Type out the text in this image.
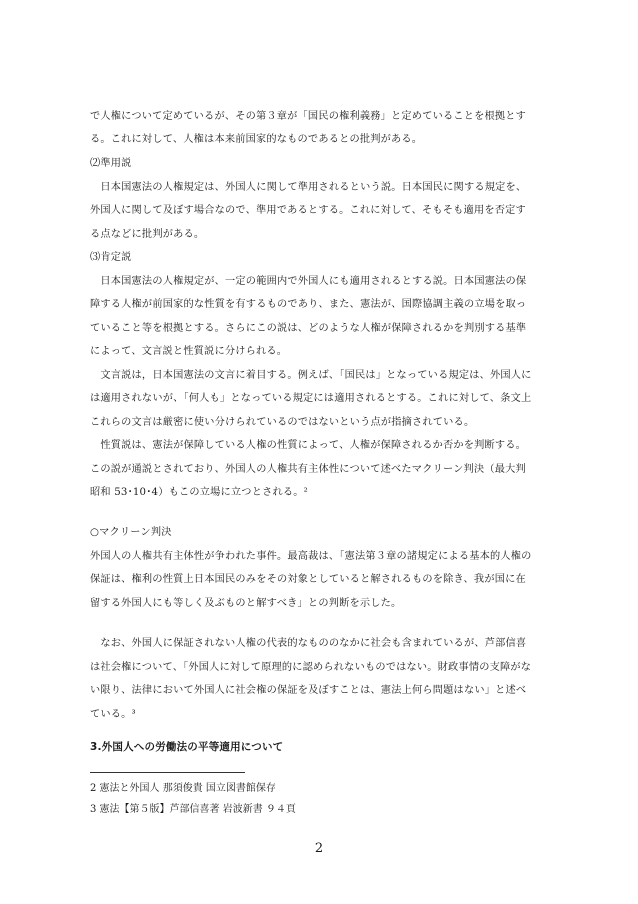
で人権について定めているが、その第３章が「国民の権利義務」と定めていることを根拠とす
る。これに対して、人権は本来前国家的なものであるとの批判がある。
⑵準用説
　日本国憲法の人権規定は、外国人に関して準用されるという説。日本国民に関する規定を、
外国人に関して及ぼす場合なので、準用であるとする。これに対して、そもそも適用を否定す
る点などに批判がある。
⑶肯定説
　日本国憲法の人権規定が、一定の範囲内で外国人にも適用されるとする説。日本国憲法の保
障する人権が前国家的な性質を有するものであり、また、憲法が、国際協調主義の立場を取っ
ていること等を根拠とする。さらにこの説は、どのような人権が保障されるかを判別する基準
によって、文言説と性質説に分けられる。
　文言説は，日本国憲法の文言に着目する。例えば、「国民は」となっている規定は、外国人に
は適用されないが、「何人も」となっている規定には適用されるとする。これに対して、条文上
これらの文言は厳密に使い分けられているのではないという点が指摘されている。
　性質説は、憲法が保障している人権の性質によって、人権が保障されるか否かを判断する。
この説が通説とされており、外国人の人権共有主体性について述べたマクリーン判決（最大判
昭和 53･10･4）もこの立場に立つとされる。²
○マクリーン判決
外国人の人権共有主体性が争われた事件。最高裁は、「憲法第３章の諸規定による基本的人権の
保証は、権利の性質上日本国民のみをその対象としていると解されるものを除き、我が国に在
留する外国人にも等しく及ぶものと解すべき」との判断を示した。
　なお、外国人に保証されない人権の代表的なもののなかに社会も含まれているが、芦部信喜
は社会権について、「外国人に対して原理的に認められないものではない。財政事情の支障がな
い限り、法律において外国人に社会権の保証を及ぼすことは、憲法上何ら問題はない」と述べ
ている。³
3.外国人への労働法の平等適用について
2 憲法と外国人 那須俊貴 国立図書館保存
3 憲法【第５版】芦部信喜著 岩波新書 ９４頁
2
